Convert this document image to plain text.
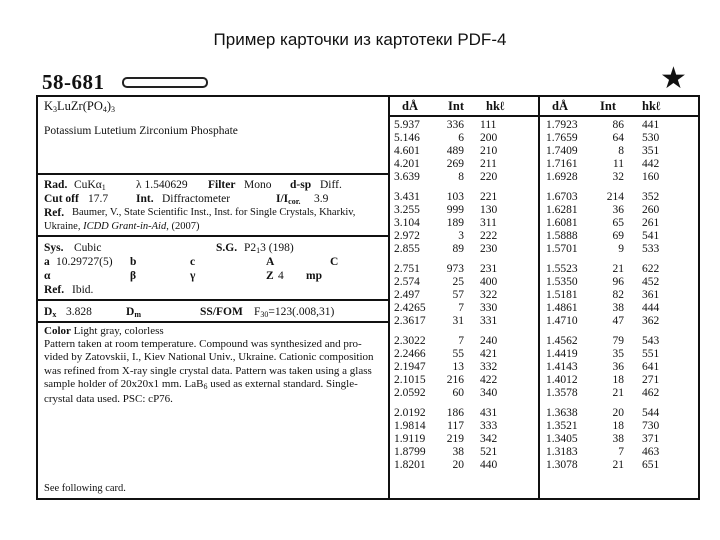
Пример карточки из картотеки PDF-4
58-681	★
$K_3LuZr(PO_4)_3$
Potassium Lutetium Zirconium Phosphate
Rad. CuKα$_1$	λ 1.540629 Filter Mono d-sp Diff.
Cut off 17.7 Int. Diffractometer	$I/I_{cor.}$ 3.9
Ref. Baumer, V., State Scientific Inst., Inst. for Single Crystals, Kharkiv,
Ukraine, ICDD Grant-in-Aid, (2007)
Sys. Cubic	S.G. $P2_13$ (198)
a 10.29727(5) b	c	A	C
α	β	γ	Z 4 mp
Ref. Ibid.
$D_x$ 3.828	$D_m$	SS/FOM $F_{30}=123(.008,31)$
Color Light gray, colorless
Pattern taken at room temperature. Compound was synthesized and pro-
vided by Zatovskii, I., Kiev National Univ., Ukraine. Cationic composition
was refined from X-ray single crystal data. Pattern was taken using a glass
sample holder of 20x20x1 mm. LaB$_6$ used as external standard. Single-
crystal data used. PSC: cP76.
See following card.
dÅ Int hkℓ	dÅ	Int hkℓ
5.937	336 111	1.7923	86 441
5.146	6 200	1.7659	64 530
4.601	489 210	1.7409	8 351
4.201	269 211	1.7161	11 442
3.639	8 220	1.6928	32 160
3.431	103 221	1.6703	214 352
3.255	999 130	1.6281	36 260
3.104	189 311	1.6081	65 261
2.972	3 222	1.5888	69 541
2.855	89 230	1.5701	9 533
2.751	973 231	1.5523	21 622
2.574	25 400	1.5350	96 452
2.497	57 322	1.5181	82 361
2.4265	7 330	1.4861	38 444
2.3617	31 331	1.4710	47 362
2.3022	7 240	1.4562	79 543
2.2466	55 421	1.4419	35 551
2.1947	13 332	1.4143	36 641
2.1015	216 422	1.4012	18 271
2.0592	60 340	1.3578	21 462
2.0192	186 431	1.3638	20 544
1.9814	117 333	1.3521	18 730
1.9119	219 342	1.3405	38 371
1.8799	38 521	1.3183	7 463
1.8201	20 440	1.3078	21 651
